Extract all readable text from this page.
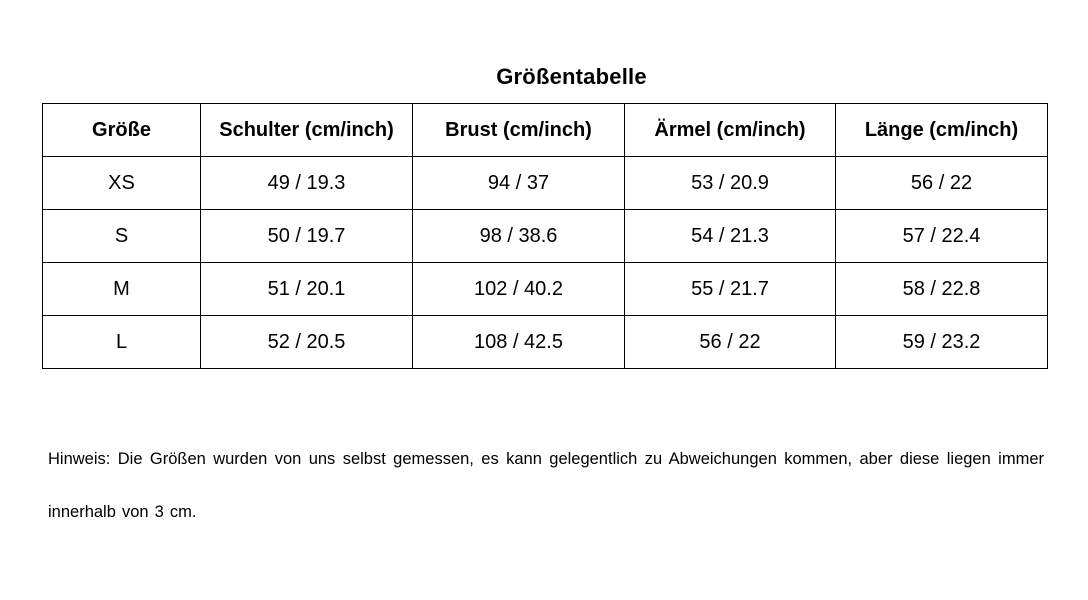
Größentabelle
Größe	Schulter (cm/inch)	Brust (cm/inch)	Ärmel (cm/inch)	Länge (cm/inch)
XS	49 / 19.3	94 / 37	53 / 20.9	56 / 22
S	50 / 19.7	98 / 38.6	54 / 21.3	57 / 22.4
M	51 / 20.1	102 / 40.2	55 / 21.7	58 / 22.8
L	52 / 20.5	108 / 42.5	56 / 22	59 / 23.2
Hinweis: Die Größen wurden von uns selbst gemessen, es kann gelegentlich zu Abweichungen kommen, aber diese liegen immer innerhalb von 3 cm.
